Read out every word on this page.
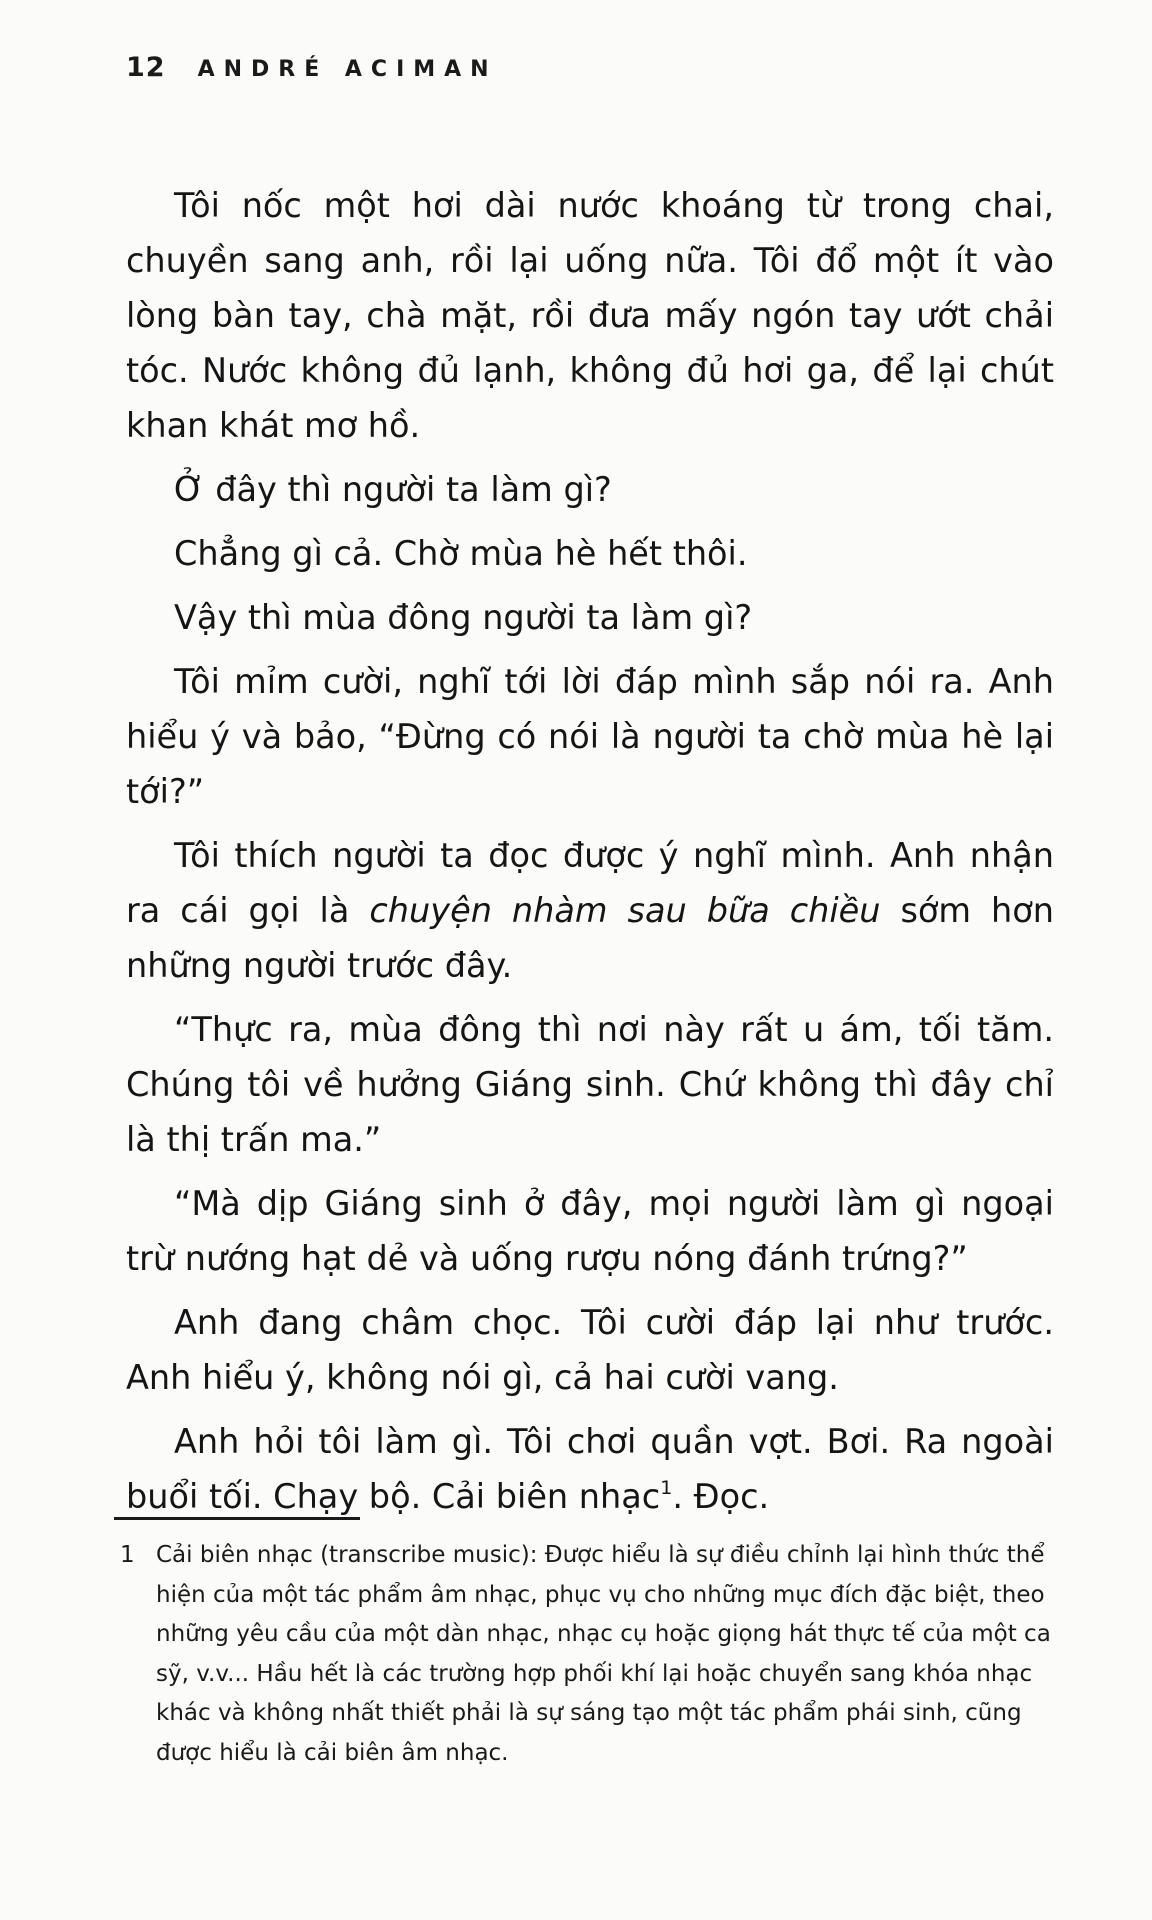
12 ANDRÉ ACIMAN

Tôi nốc một hơi dài nước khoáng từ trong chai, chuyền sang anh, rồi lại uống nữa. Tôi đổ một ít vào lòng bàn tay, chà mặt, rồi đưa mấy ngón tay ướt chải tóc. Nước không đủ lạnh, không đủ hơi ga, để lại chút khan khát mơ hồ.

Ở đây thì người ta làm gì?

Chẳng gì cả. Chờ mùa hè hết thôi.

Vậy thì mùa đông người ta làm gì?

Tôi mỉm cười, nghĩ tới lời đáp mình sắp nói ra. Anh hiểu ý và bảo, “Đừng có nói là người ta chờ mùa hè lại tới?”

Tôi thích người ta đọc được ý nghĩ mình. Anh nhận ra cái gọi là chuyện nhàm sau bữa chiều sớm hơn những người trước đây.

“Thực ra, mùa đông thì nơi này rất u ám, tối tăm. Chúng tôi về hưởng Giáng sinh. Chứ không thì đây chỉ là thị trấn ma.”

“Mà dịp Giáng sinh ở đây, mọi người làm gì ngoại trừ nướng hạt dẻ và uống rượu nóng đánh trứng?”

Anh đang châm chọc. Tôi cười đáp lại như trước. Anh hiểu ý, không nói gì, cả hai cười vang.

Anh hỏi tôi làm gì. Tôi chơi quần vợt. Bơi. Ra ngoài buổi tối. Chạy bộ. Cải biên nhạc$^1$. Đọc.

1 Cải biên nhạc (transcribe music): Được hiểu là sự điều chỉnh lại hình thức thể hiện của một tác phẩm âm nhạc, phục vụ cho những mục đích đặc biệt, theo những yêu cầu của một dàn nhạc, nhạc cụ hoặc giọng hát thực tế của một ca sỹ, v.v... Hầu hết là các trường hợp phối khí lại hoặc chuyển sang khóa nhạc khác và không nhất thiết phải là sự sáng tạo một tác phẩm phái sinh, cũng được hiểu là cải biên âm nhạc.
